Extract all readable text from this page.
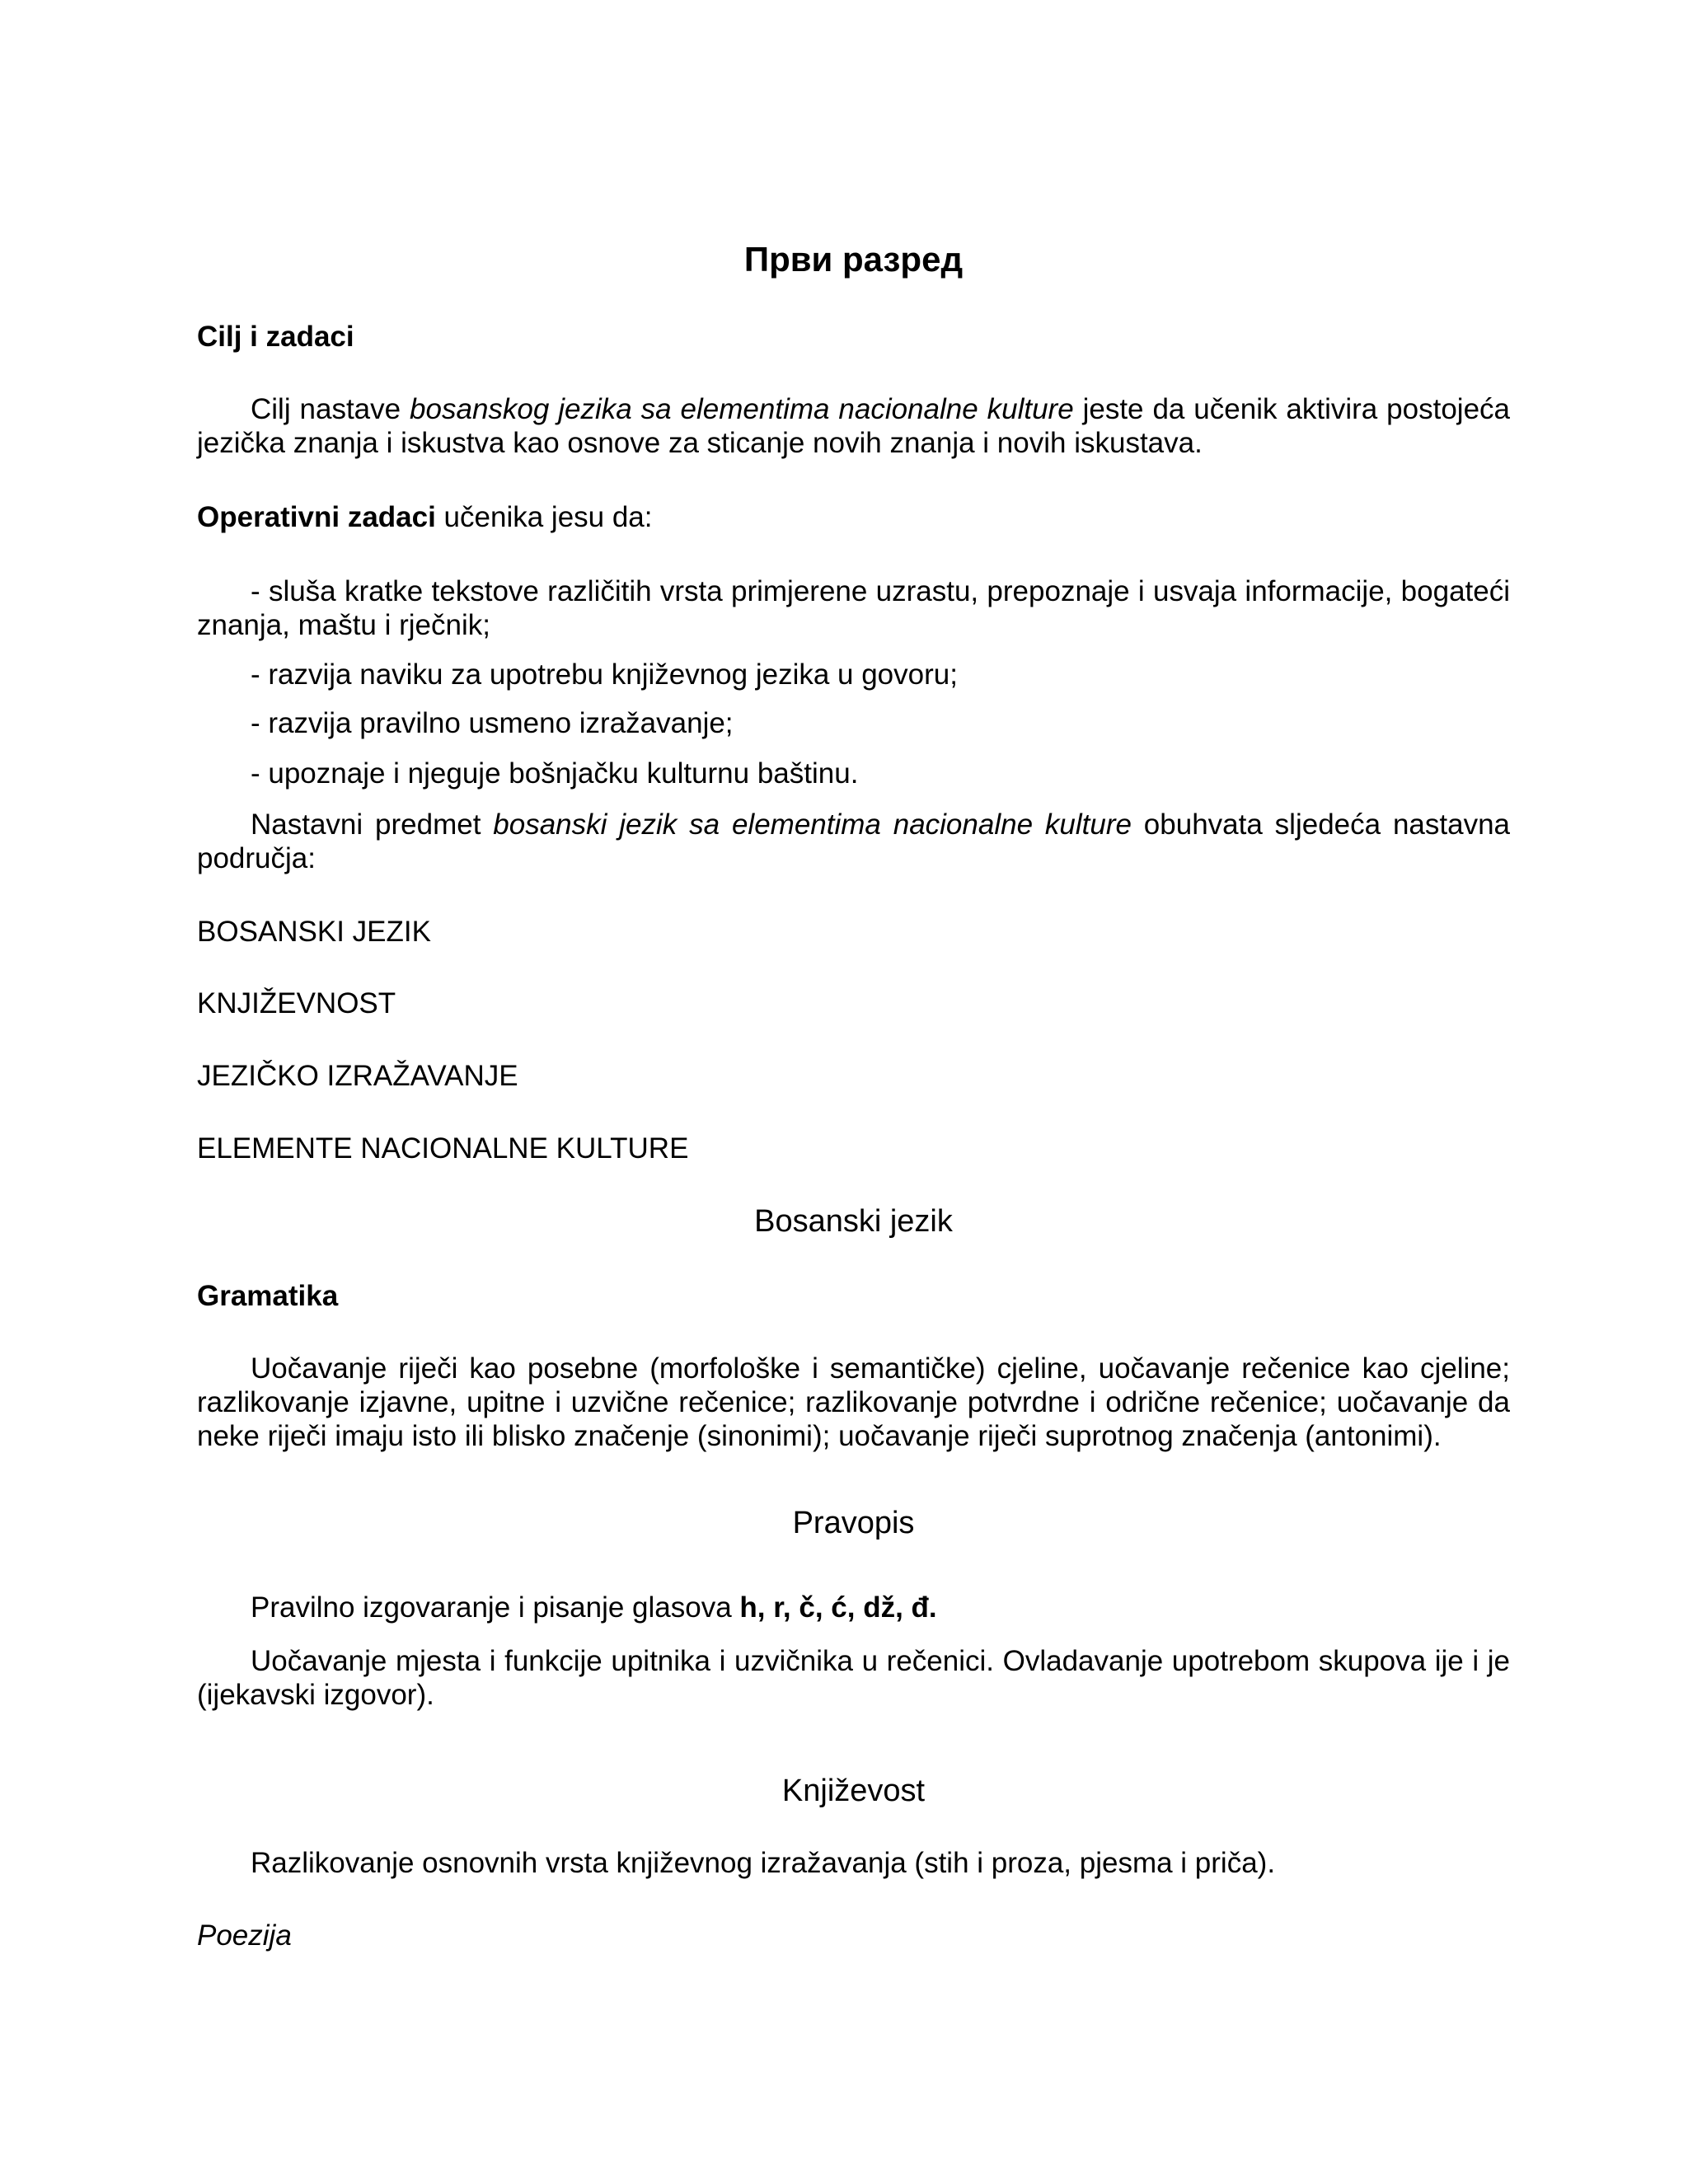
Први разред
Cilj i zadaci

Cilj nastave bosanskog jezika sa elementima nacionalne kulture jeste da učenik aktivira postojeća jezička znanja i iskustva kao osnove za sticanje novih znanja i novih iskustava.

Operativni zadaci učenika jesu da:

- sluša kratke tekstove različitih vrsta primjerene uzrastu, prepoznaje i usvaja informacije, bogateći znanja, maštu i rječnik;

- razvija naviku za upotrebu književnog jezika u govoru;

- razvija pravilno usmeno izražavanje;

- upoznaje i njeguje bošnjačku kulturnu baštinu.

Nastavni predmet bosanski jezik sa elementima nacionalne kulture obuhvata sljedeća nastavna područja:

BOSANSKI JEZIK
KNJIŽEVNOST
JEZIČKO IZRAŽAVANJE
ELEMENTE NACIONALNE KULTURE
Bosanski jezik
Gramatika

Uočavanje riječi kao posebne (morfološke i semantičke) cjeline, uočavanje rečenice kao cjeline; razlikovanje izjavne, upitne i uzvične rečenice; razlikovanje potvrdne i odrične rečenice; uočavanje da neke riječi imaju isto ili blisko značenje (sinonimi); uočavanje riječi suprotnog značenja (antonimi).

Pravopis

Pravilno izgovaranje i pisanje glasova h, r, č, ć, dž, đ.

Uočavanje mjesta i funkcije upitnika i uzvičnika u rečenici. Ovladavanje upotrebom skupova ije i je (ijekavski izgovor).

Književost

Razlikovanje osnovnih vrsta književnog izražavanja (stih i proza, pjesma i priča).

Poezija
